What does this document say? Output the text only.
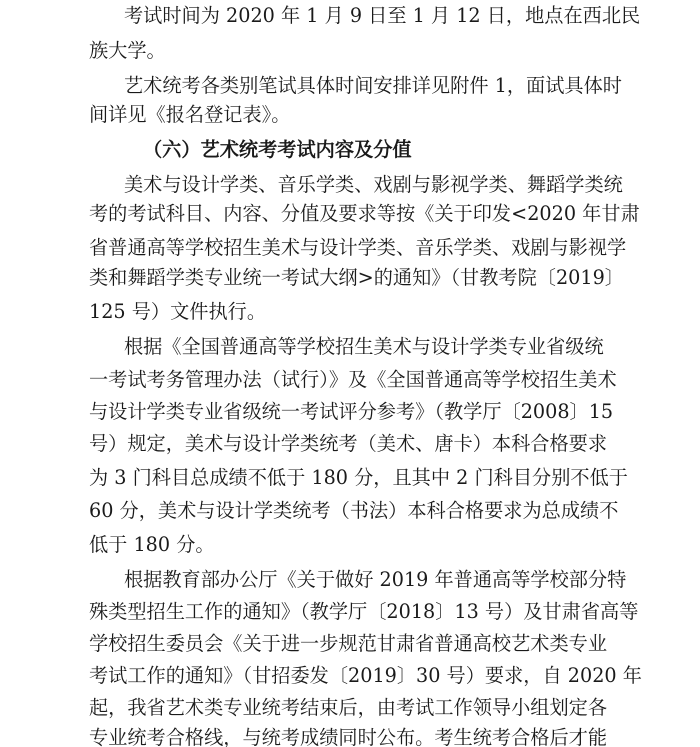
考试时间为 2020 年 1 月 9 日至 1 月 12 日，地点在西北民
族大学。
艺术统考各类别笔试具体时间安排详见附件 1，面试具体时
间详见《报名登记表》。
（六）艺术统考考试内容及分值
美术与设计学类、音乐学类、戏剧与影视学类、舞蹈学类统
考的考试科目、内容、分值及要求等按《关于印发<2020 年甘肃
省普通高等学校招生美术与设计学类、音乐学类、戏剧与影视学
类和舞蹈学类专业统一考试大纲>的通知》（甘教考院〔2019〕
125 号）文件执行。
根据《全国普通高等学校招生美术与设计学类专业省级统
一考试考务管理办法（试行）》及《全国普通高等学校招生美术
与设计学类专业省级统一考试评分参考》（教学厅〔2008〕15
号）规定，美术与设计学类统考（美术、唐卡）本科合格要求
为 3 门科目总成绩不低于 180 分，且其中 2 门科目分别不低于
60 分，美术与设计学类统考（书法）本科合格要求为总成绩不
低于 180 分。
根据教育部办公厅《关于做好 2019 年普通高等学校部分特
殊类型招生工作的通知》（教学厅〔2018〕13 号）及甘肃省高等
学校招生委员会《关于进一步规范甘肃省普通高校艺术类专业
考试工作的通知》（甘招委发〔2019〕30 号）要求，自 2020 年
起，我省艺术类专业统考结束后，由考试工作领导小组划定各
专业统考合格线，与统考成绩同时公布。考生统考合格后才能
